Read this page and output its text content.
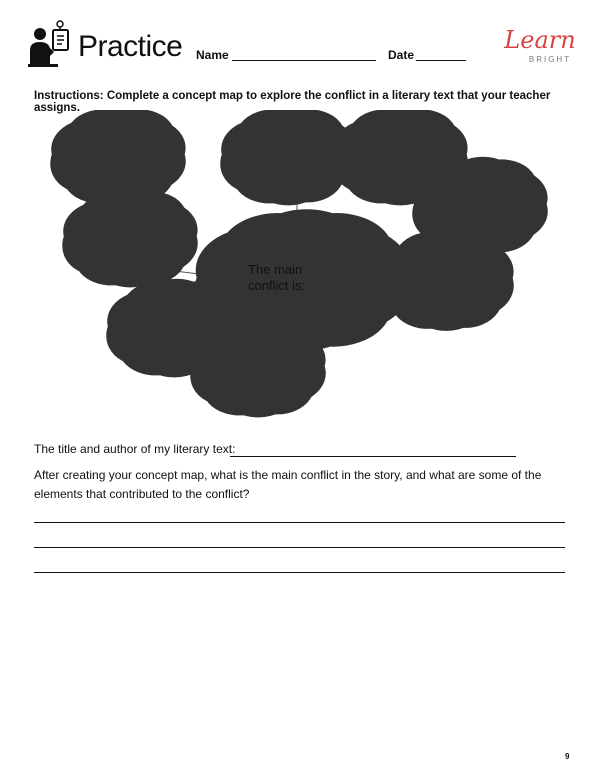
Practice Name	Date
Learn
BRIGHT
Instructions: Complete a concept map to explore the conflict in a literary text that your teacher assigns.
The main
conflict is:
The title and author of my literary text:
After creating your concept map, what is the main conflict in the story, and what are some of the elements that contributed to the conflict?
9
